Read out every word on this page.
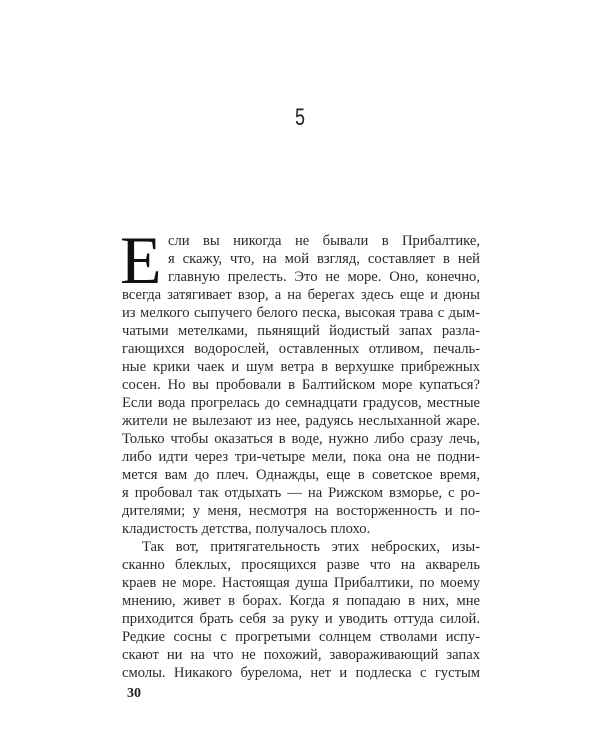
5
Е сли вы никогда не бывали в Прибалтике,
я скажу, что, на мой взгляд, составляет в ней
главную прелесть. Это не море. Оно, конечно,
всегда затягивает взор, а на берегах здесь еще и дюны
из мелкого сыпучего белого песка, высокая трава с дым-
чатыми метелками, пьянящий йодистый запах разла-
гающихся водорослей, оставленных отливом, печаль-
ные крики чаек и шум ветра в верхушке прибрежных
сосен. Но вы пробовали в Балтийском море купаться?
Если вода прогрелась до семнадцати градусов, местные
жители не вылезают из нее, радуясь неслыханной жаре.
Только чтобы оказаться в воде, нужно либо сразу лечь,
либо идти через три-четыре мели, пока она не подни-
мется вам до плеч. Однажды, еще в советское время,
я пробовал так отдыхать — на Рижском взморье, с ро-
дителями; у меня, несмотря на восторженность и по-
кладистость детства, получалось плохо.
Так вот, притягательность этих неброских, изы-
сканно блеклых, просящихся разве что на акварель
краев не море. Настоящая душа Прибалтики, по моему
мнению, живет в борах. Когда я попадаю в них, мне
приходится брать себя за руку и уводить оттуда силой.
Редкие сосны с прогретыми солнцем стволами испу-
скают ни на что не похожий, завораживающий запах
смолы. Никакого бурелома, нет и подлеска с густым
30
